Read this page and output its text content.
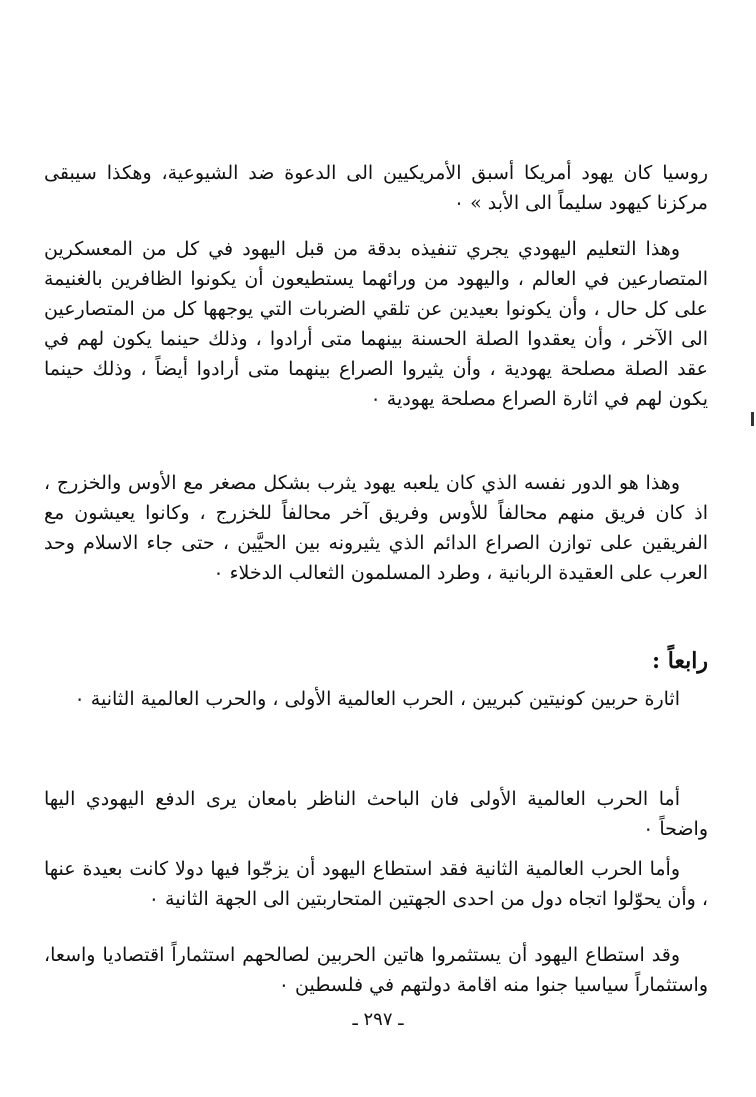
روسيا كان يهود أمريكا أسبق الأمريكيين الى الدعوة ضد الشيوعية، وهكذا سيبقى مركزنا كيهود سليماً الى الأبد » ٠

وهذا التعليم اليهودي يجري تنفيذه بدقة من قبل اليهود في كل من المعسكرين المتصارعين في العالم ، واليهود من ورائهما يستطيعون أن يكونوا الظافرين بالغنيمة على كل حال ، وأن يكونوا بعيدين عن تلقي الضربات التي يوجهها كل من المتصارعين الى الآخر ، وأن يعقدوا الصلة الحسنة بينهما متى أرادوا ، وذلك حينما يكون لهم في عقد الصلة مصلحة يهودية ، وأن يثيروا الصراع بينهما متى أرادوا أيضاً ، وذلك حينما يكون لهم في اثارة الصراع مصلحة يهودية ٠

وهذا هو الدور نفسه الذي كان يلعبه يهود يثرب بشكل مصغر مع الأوس والخزرج ، اذ كان فريق منهم محالفاً للأوس وفريق آخر محالفاً للخزرج ، وكانوا يعيشون مع الفريقين على توازن الصراع الدائم الذي يثيرونه بين الحيَّين ، حتى جاء الاسلام وحد العرب على العقيدة الربانية ، وطرد المسلمون الثعالب الدخلاء ٠

رابعاً :

اثارة حربين كونيتين كبريين ، الحرب العالمية الأولى ، والحرب العالمية الثانية ٠

أما الحرب العالمية الأولى فان الباحث الناظر بامعان يرى الدفع اليهودي اليها واضحاً ٠

وأما الحرب العالمية الثانية فقد استطاع اليهود أن يزجّوا فيها دولا كانت بعيدة عنها ، وأن يحوّلوا اتجاه دول من احدى الجهتين المتحاربتين الى الجهة الثانية ٠

وقد استطاع اليهود أن يستثمروا هاتين الحربين لصالحهم استثماراً اقتصاديا واسعا، واستثماراً سياسيا جنوا منه اقامة دولتهم في فلسطين ٠

ـ ٢٩٧ ـ
